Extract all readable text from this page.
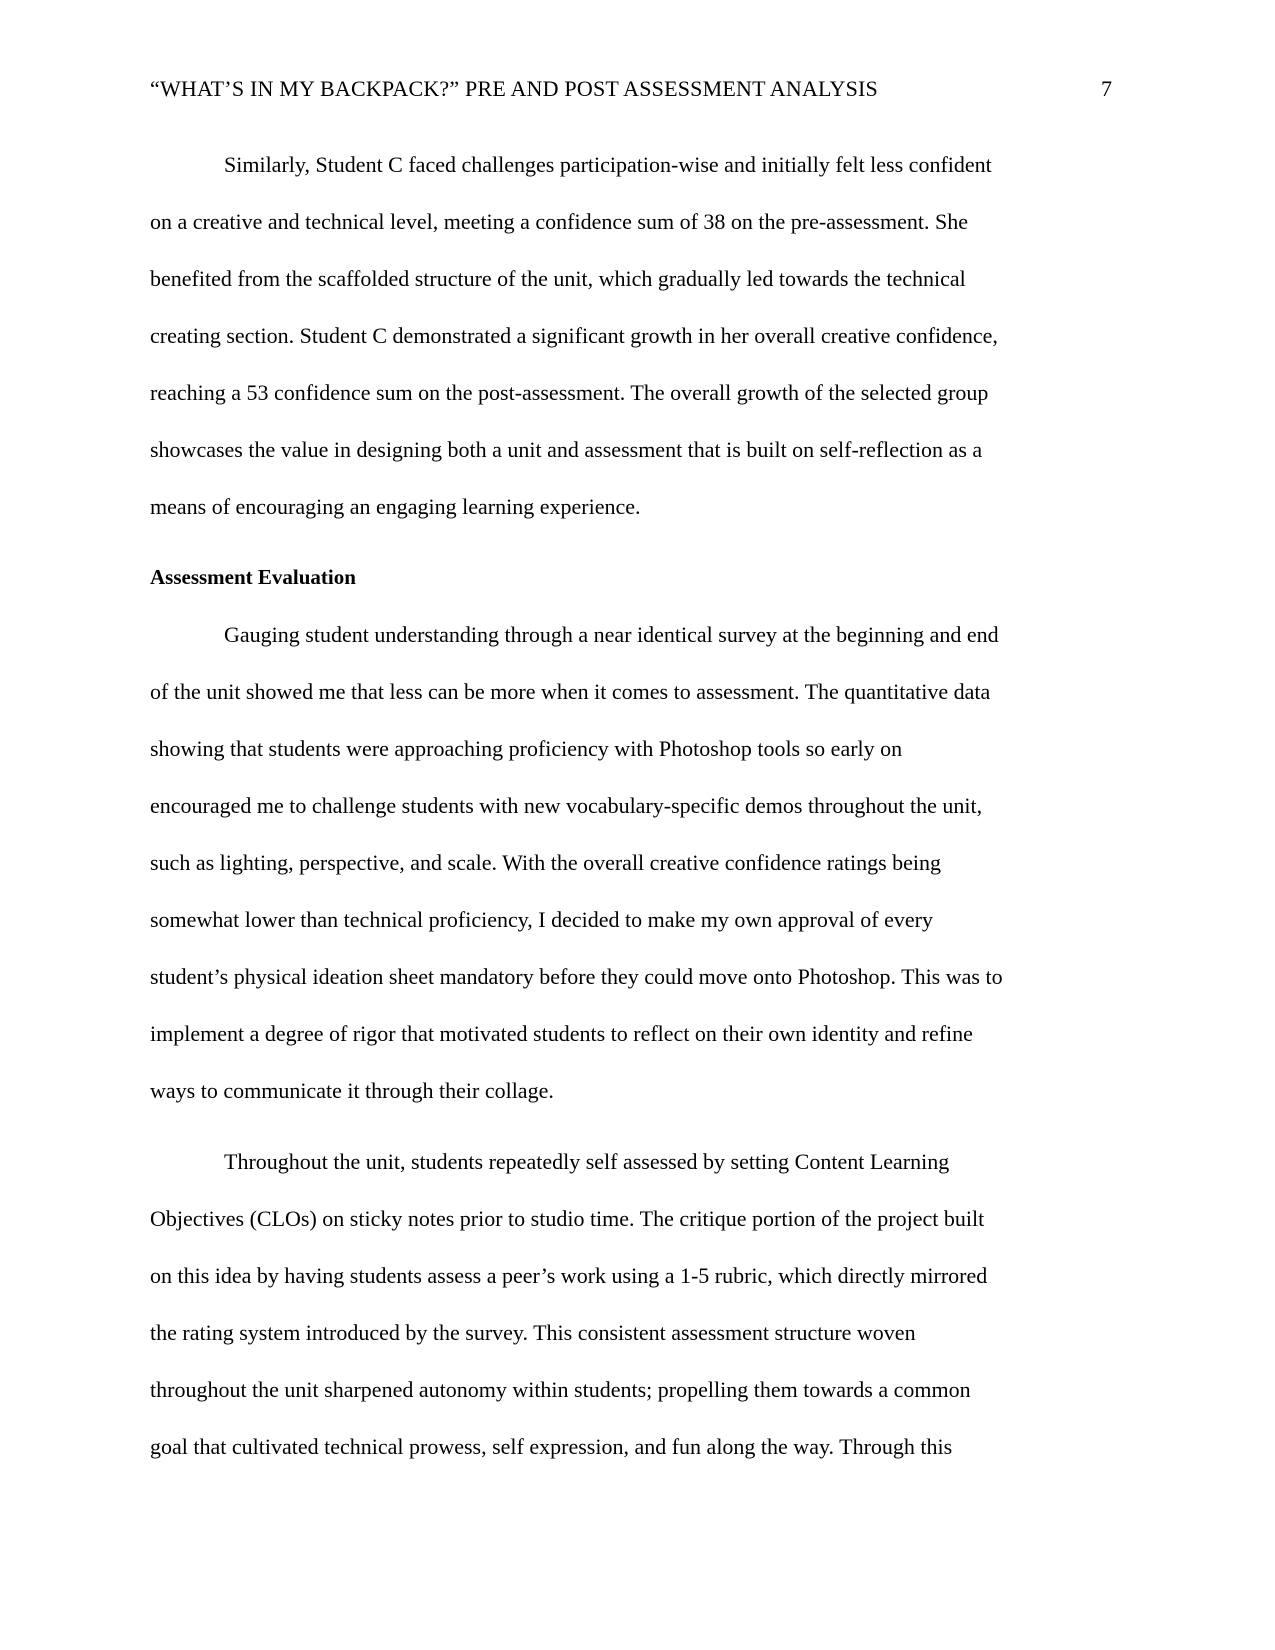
“WHAT’S IN MY BACKPACK?” PRE AND POST ASSESSMENT ANALYSIS	7
Similarly, Student C faced challenges participation-wise and initially felt less confident
on a creative and technical level, meeting a confidence sum of 38 on the pre-assessment. She
benefited from the scaffolded structure of the unit, which gradually led towards the technical
creating section. Student C demonstrated a significant growth in her overall creative confidence,
reaching a 53 confidence sum on the post-assessment. The overall growth of the selected group
showcases the value in designing both a unit and assessment that is built on self-reflection as a
means of encouraging an engaging learning experience.
Assessment Evaluation
Gauging student understanding through a near identical survey at the beginning and end
of the unit showed me that less can be more when it comes to assessment. The quantitative data
showing that students were approaching proficiency with Photoshop tools so early on
encouraged me to challenge students with new vocabulary-specific demos throughout the unit,
such as lighting, perspective, and scale. With the overall creative confidence ratings being
somewhat lower than technical proficiency, I decided to make my own approval of every
student’s physical ideation sheet mandatory before they could move onto Photoshop. This was to
implement a degree of rigor that motivated students to reflect on their own identity and refine
ways to communicate it through their collage.
Throughout the unit, students repeatedly self assessed by setting Content Learning
Objectives (CLOs) on sticky notes prior to studio time. The critique portion of the project built
on this idea by having students assess a peer’s work using a 1-5 rubric, which directly mirrored
the rating system introduced by the survey. This consistent assessment structure woven
throughout the unit sharpened autonomy within students; propelling them towards a common
goal that cultivated technical prowess, self expression, and fun along the way. Through this
